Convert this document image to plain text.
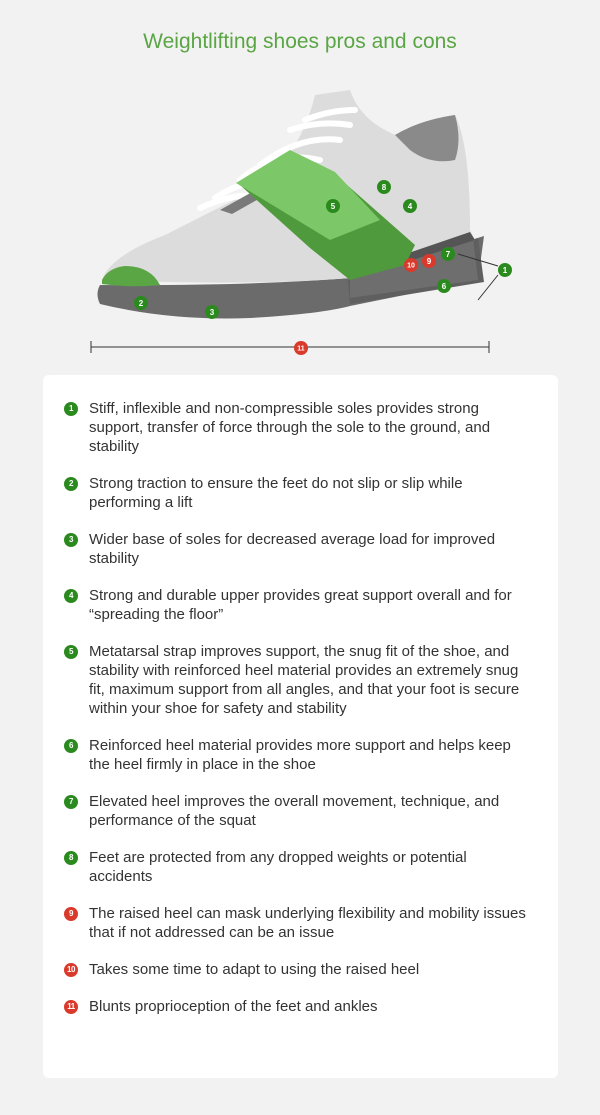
Weightlifting shoes pros and cons
1
2
3
4
5
6
7
8
9
10
11
1	Stiff, inflexible and non-compressible soles provides strong support, transfer of force through the sole to the ground, and stability
2	Strong traction to ensure the feet do not slip or slip while performing a lift
3	Wider base of soles for decreased average load for improved stability
4	Strong and durable upper provides great support overall and for “spreading the floor”
5	Metatarsal strap improves support, the snug fit of the shoe, and stability with reinforced heel material provides an extremely snug fit, maximum support from all angles, and that your foot is secure within your shoe for safety and stability
6	Reinforced heel material provides more support and helps keep the heel firmly in place in the shoe
7	Elevated heel improves the overall movement, technique, and performance of the squat
8	Feet are protected from any dropped weights or potential accidents
9	The raised heel can mask underlying flexibility and mobility issues that if not addressed can be an issue
10 Takes some time to adapt to using the raised heel
11 Blunts proprioception of the feet and ankles
